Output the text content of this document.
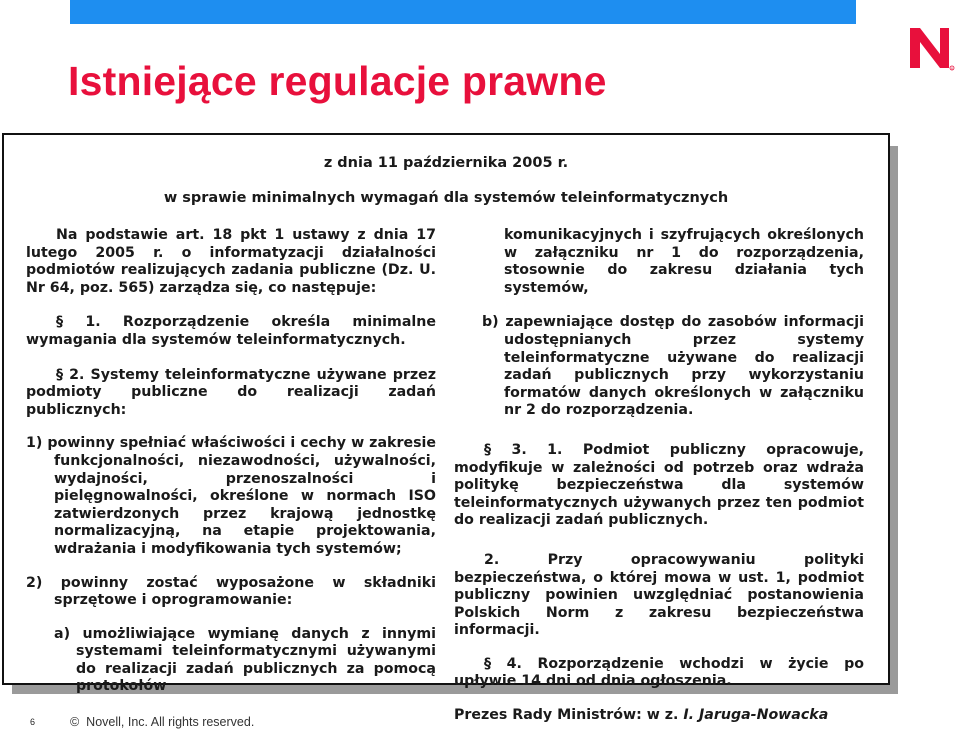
R
Istniejące regulacje prawne
z dnia 11 października 2005 r.
w sprawie minimalnych wymagań dla systemów teleinformatycznych

Na podstawie art. 18 pkt 1 ustawy z dnia 17 lutego 2005 r. o informatyzacji działalności podmiotów realizujących zadania publiczne (Dz. U. Nr 64, poz. 565) zarządza się, co następuje:

§ 1. Rozporządzenie określa minimalne wymagania dla systemów teleinformatycznych.

§ 2. Systemy teleinformatyczne używane przez podmioty publiczne do realizacji zadań publicznych:

1) powinny spełniać właściwości i cechy w zakresie funkcjonalności, niezawodności, używalności, wydajności, przenoszalności i pielęgnowalności, określone w normach ISO zatwierdzonych przez krajową jednostkę normalizacyjną, na etapie projektowania, wdrażania i modyfikowania tych systemów;

2) powinny zostać wyposażone w składniki sprzętowe i oprogramowanie:

a) umożliwiające wymianę danych z innymi systemami teleinformatycznymi używanymi do realizacji zadań publicznych za pomocą protokołów

komunikacyjnych i szyfrujących określonych w załączniku nr 1 do rozporządzenia, stosownie do zakresu działania tych systemów,

b) zapewniające dostęp do zasobów informacji udostępnianych przez systemy teleinformatyczne używane do realizacji zadań publicznych przy wykorzystaniu formatów danych określonych w załączniku nr 2 do rozporządzenia.

§ 3. 1. Podmiot publiczny opracowuje, modyfikuje w zależności od potrzeb oraz wdraża politykę bezpieczeństwa dla systemów teleinformatycznych używanych przez ten podmiot do realizacji zadań publicznych.

2. Przy opracowywaniu polityki bezpieczeństwa, o której mowa w ust. 1, podmiot publiczny powinien uwzględniać postanowienia Polskich Norm z zakresu bezpieczeństwa informacji.

§ 4. Rozporządzenie wchodzi w życie po upływie 14 dni od dnia ogłoszenia.

Prezes Rady Ministrów: w z. I. Jaruga-Nowacka

6	© Novell, Inc. All rights reserved.
